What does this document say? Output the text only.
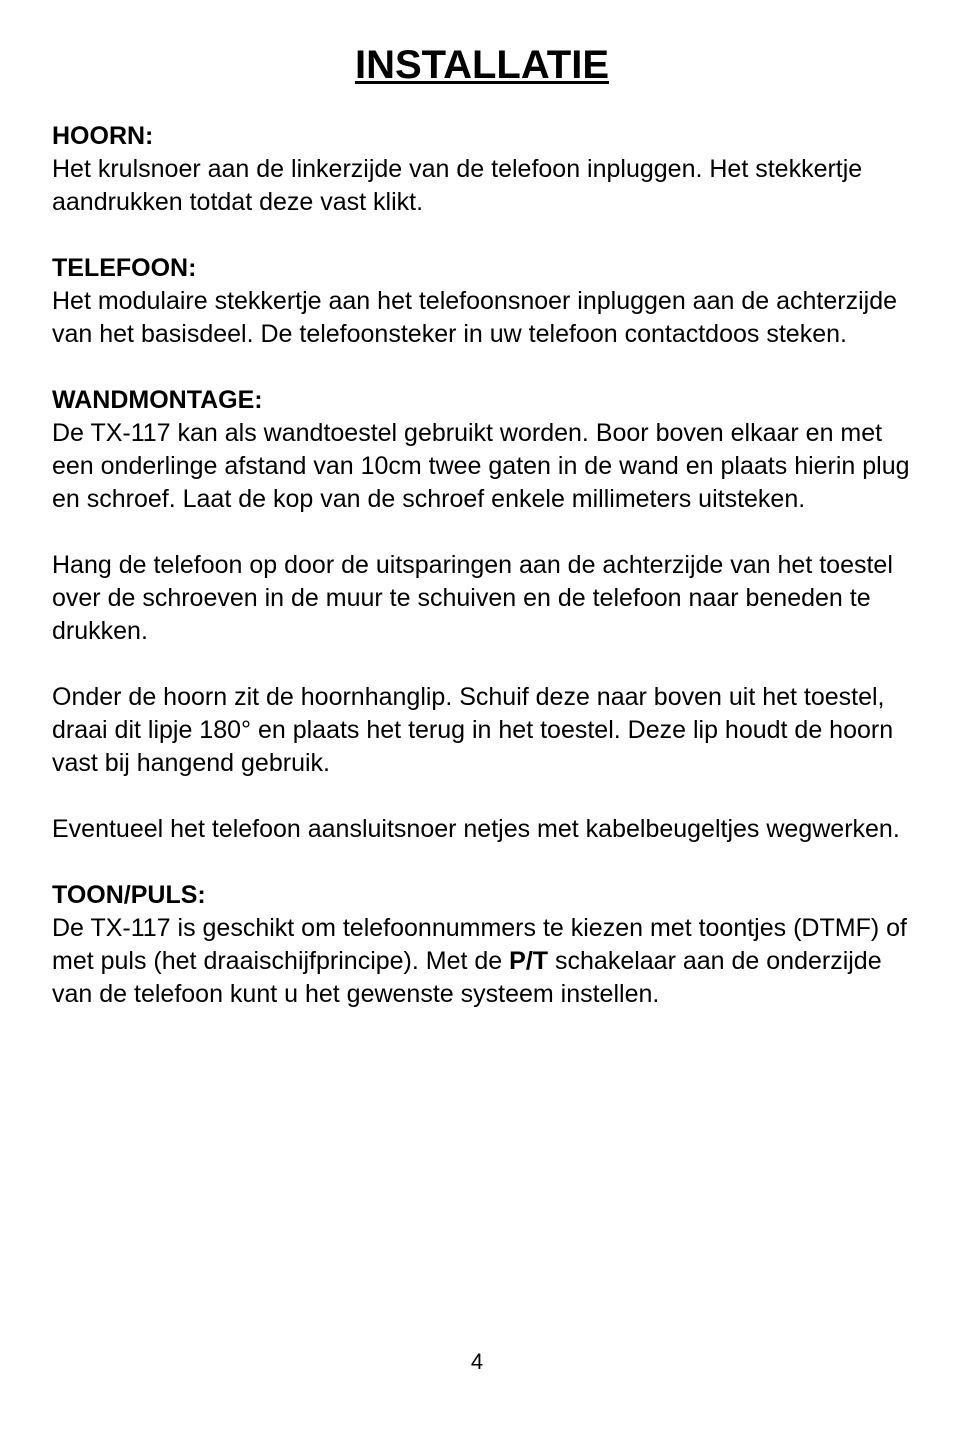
INSTALLATIE

HOORN:
Het krulsnoer aan de linkerzijde van de telefoon inpluggen. Het stekkertje aandrukken totdat deze vast klikt.

TELEFOON:
Het modulaire stekkertje aan het telefoonsnoer inpluggen aan de achterzijde van het basisdeel. De telefoonsteker in uw telefoon contactdoos steken.

WANDMONTAGE:
De TX-117 kan als wandtoestel gebruikt worden. Boor boven elkaar en met een onderlinge afstand van 10cm twee gaten in de wand en plaats hierin plug en schroef. Laat de kop van de schroef enkele millimeters uitsteken.

Hang de telefoon op door de uitsparingen aan de achterzijde van het toestel over de schroeven in de muur te schuiven en de telefoon naar beneden te drukken.

Onder de hoorn zit de hoornhanglip. Schuif deze naar boven uit het toestel, draai dit lipje 180° en plaats het terug in het toestel. Deze lip houdt de hoorn vast bij hangend gebruik.

Eventueel het telefoon aansluitsnoer netjes met kabelbeugeltjes wegwerken.

TOON/PULS:
De TX-117 is geschikt om telefoonnummers te kiezen met toontjes (DTMF) of met puls (het draaischijfprincipe). Met de P/T schakelaar aan de onderzijde van de telefoon kunt u het gewenste systeem instellen.

4
